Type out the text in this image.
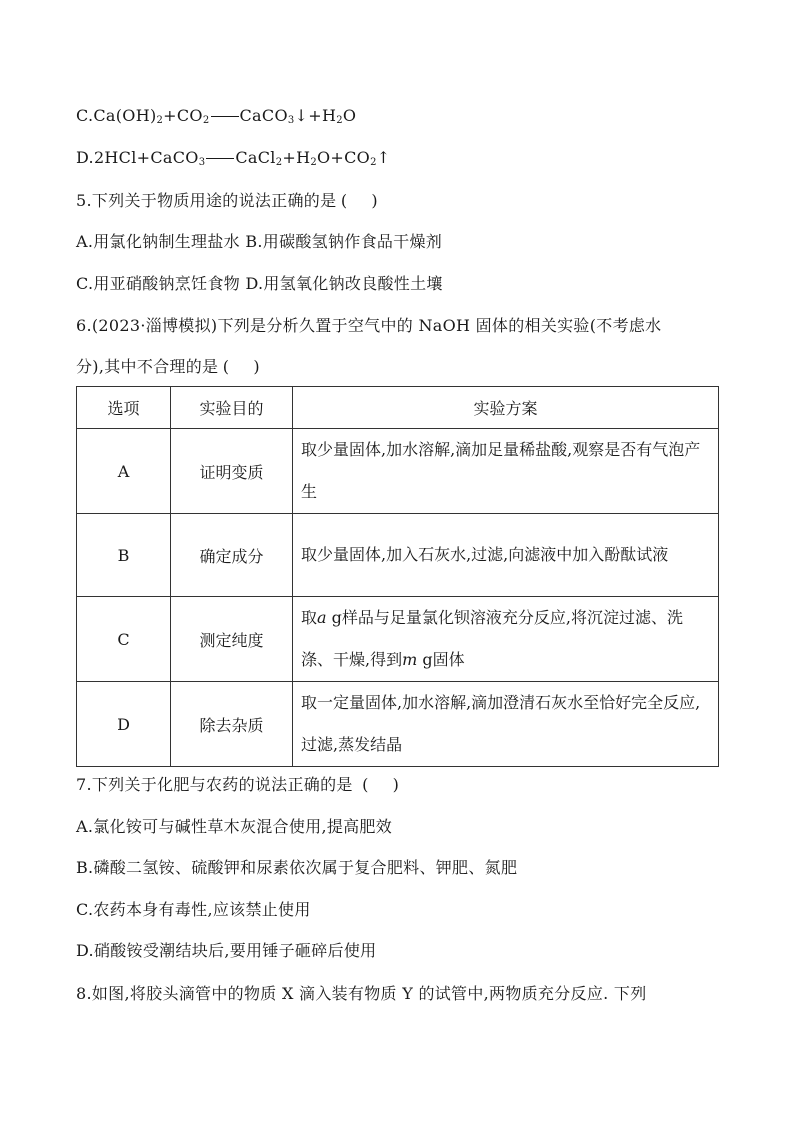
$C.Ca(OH)_2+CO_2$ $CaCO_3↓+H_2O$
D.2HCl+CaCO$_3$ $CaCl_2+H_2O+CO_2↑$
5.下列关于物质用途的说法正确的是 ( )
A.用氯化钠制生理盐水 B.用碳酸氢钠作食品干燥剂
C.用亚硝酸钠烹饪食物 D.用氢氧化钠改良酸性土壤
6.(2023·淄博模拟)下列是分析久置于空气中的 NaOH 固体的相关实验(不考虑水
分),其中不合理的是 ( )
选项	实验目的	实验方案
A	证明变质	取少量固体,加水溶解,滴加足量稀盐酸,观察是否有气泡产生
B	确定成分	取少量固体,加入石灰水,过滤,向滤液中加入酚酞试液
C	测定纯度	取a g样品与足量氯化钡溶液充分反应,将沉淀过滤、洗涤、干燥,得到m g固体
D	除去杂质	取一定量固体,加水溶解,滴加澄清石灰水至恰好完全反应,过滤,蒸发结晶
7.下列关于化肥与农药的说法正确的是 ( )
A.氯化铵可与碱性草木灰混合使用,提高肥效
B.磷酸二氢铵、硫酸钾和尿素依次属于复合肥料、钾肥、氮肥
C.农药本身有毒性,应该禁止使用
D.硝酸铵受潮结块后,要用锤子砸碎后使用
8.如图,将胶头滴管中的物质 X 滴入装有物质 Y 的试管中,两物质充分反应. 下列
